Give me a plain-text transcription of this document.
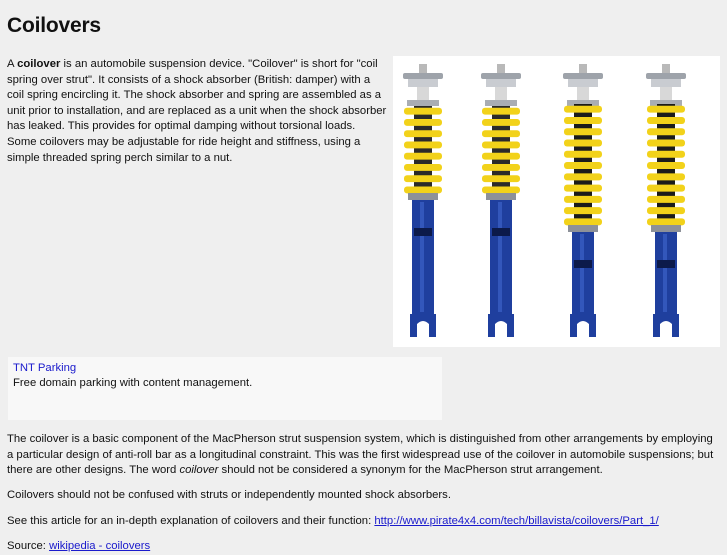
Coilovers

A coilover is an automobile suspension device. "Coilover" is short for "coil spring over strut". It consists of a shock absorber (British: damper) with a coil spring encircling it. The shock absorber and spring are assembled as a unit prior to installation, and are replaced as a unit when the shock absorber has leaked. This provides for optimal damping without torsional loads. Some coilovers may be adjustable for ride height and stiffness, using a simple threaded spring perch similar to a nut.

TNT Parking
Free domain parking with content management.

The coilover is a basic component of the MacPherson strut suspension system, which is distinguished from other arrangements by employing a particular design of anti-roll bar as a longitudinal constraint. This was the first widespread use of the coilover in automobile suspensions; but there are other designs. The word coilover should not be considered a synonym for the MacPherson strut arrangement.

Coilovers should not be confused with struts or independently mounted shock absorbers.

See this article for an in-depth explanation of coilovers and their function: http://www.pirate4x4.com/tech/billavista/coilovers/Part_1/

Source: wikipedia - coilovers
